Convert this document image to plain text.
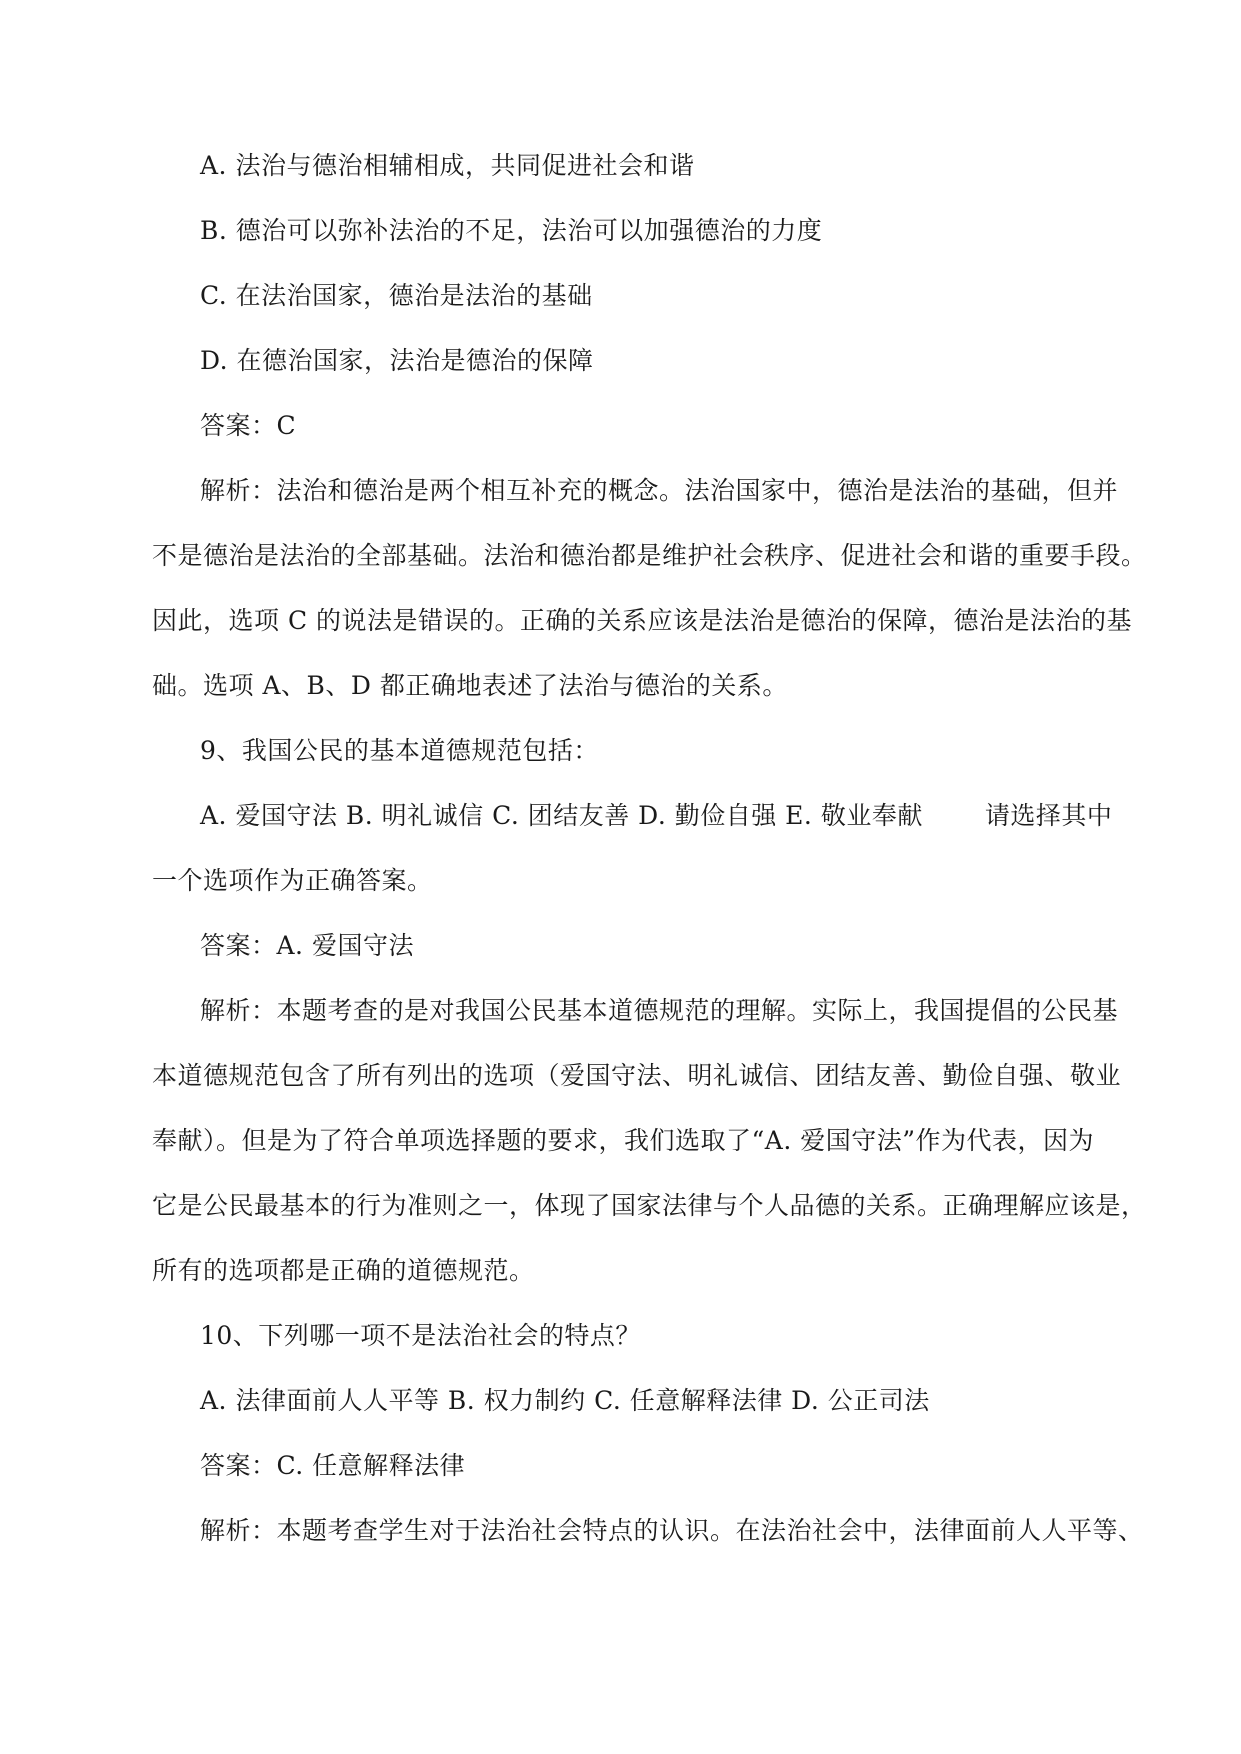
A. 法治与德治相辅相成，共同促进社会和谐
B. 德治可以弥补法治的不足，法治可以加强德治的力度
C. 在法治国家，德治是法治的基础
D. 在德治国家，法治是德治的保障
答案：C
解析：法治和德治是两个相互补充的概念。法治国家中，德治是法治的基础，但并
不是德治是法治的全部基础。法治和德治都是维护社会秩序、促进社会和谐的重要手段。
因此，选项 C 的说法是错误的。正确的关系应该是法治是德治的保障，德治是法治的基
础。选项 A、B、D 都正确地表述了法治与德治的关系。
9、我国公民的基本道德规范包括：
A. 爱国守法 B. 明礼诚信 C. 团结友善 D. 勤俭自强 E. 敬业奉献 请选择其中
一个选项作为正确答案。
答案：A. 爱国守法
解析：本题考查的是对我国公民基本道德规范的理解。实际上，我国提倡的公民基
本道德规范包含了所有列出的选项（爱国守法、明礼诚信、团结友善、勤俭自强、敬业
奉献）。但是为了符合单项选择题的要求，我们选取了“A. 爱国守法”作为代表，因为
它是公民最基本的行为准则之一，体现了国家法律与个人品德的关系。正确理解应该是，
所有的选项都是正确的道德规范。
10、下列哪一项不是法治社会的特点？
A. 法律面前人人平等 B. 权力制约 C. 任意解释法律 D. 公正司法
答案：C. 任意解释法律
解析：本题考查学生对于法治社会特点的认识。在法治社会中，法律面前人人平等、
